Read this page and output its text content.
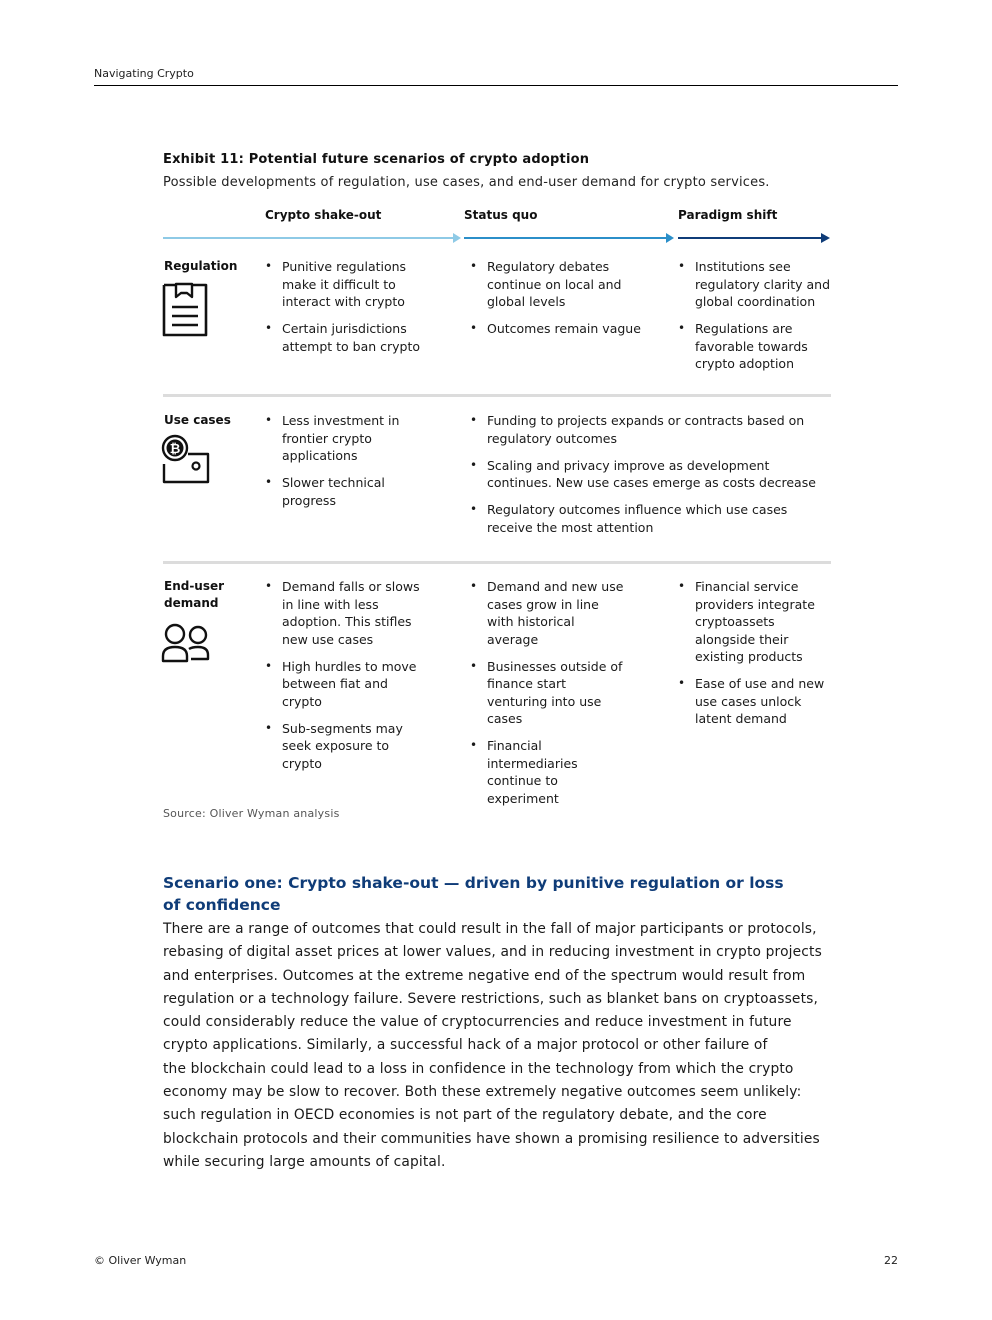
Navigating Crypto
Exhibit 11: Potential future scenarios of crypto adoption
Possible developments of regulation, use cases, and end-user demand for crypto services.
Crypto shake-out	Status quo	Paradigm shift
Regulation
•	Punitive regulations make it difficult to interact with crypto
• Certain jurisdictions attempt to ban crypto
• Regulatory debates continue on local and global levels
• Outcomes remain vague
• Institutions see regulatory clarity and global coordination
• Regulations are favorable towards crypto adoption
Use cases
₿
• Less investment in frontier crypto applications
• Slower technical progress
• Funding to projects expands or contracts based on regulatory outcomes
• Scaling and privacy improve as development continues. New use cases emerge as costs decrease
• Regulatory outcomes influence which use cases receive the most attention
End-user demand
• Demand falls or slows in line with less adoption. This stifles new use cases
• High hurdles to move between fiat and crypto
• Sub-segments may seek exposure to crypto
• Demand and new use cases grow in line with historical average
• Businesses outside of finance start venturing into use cases
• Financial intermediaries continue to experiment
• Financial service providers integrate cryptoassets alongside their existing products
• Ease of use and new use cases unlock latent demand
Source: Oliver Wyman analysis
Scenario one: Crypto shake-out — driven by punitive regulation or loss
of confidence
There are a range of outcomes that could result in the fall of major participants or protocols,
rebasing of digital asset prices at lower values, and in reducing investment in crypto projects
and enterprises. Outcomes at the extreme negative end of the spectrum would result from
regulation or a technology failure. Severe restrictions, such as blanket bans on cryptoassets,
could considerably reduce the value of cryptocurrencies and reduce investment in future
crypto applications. Similarly, a successful hack of a major protocol or other failure of
the blockchain could lead to a loss in confidence in the technology from which the crypto
economy may be slow to recover. Both these extremely negative outcomes seem unlikely:
such regulation in OECD economies is not part of the regulatory debate, and the core
blockchain protocols and their communities have shown a promising resilience to adversities
while securing large amounts of capital.
© Oliver Wyman	22
